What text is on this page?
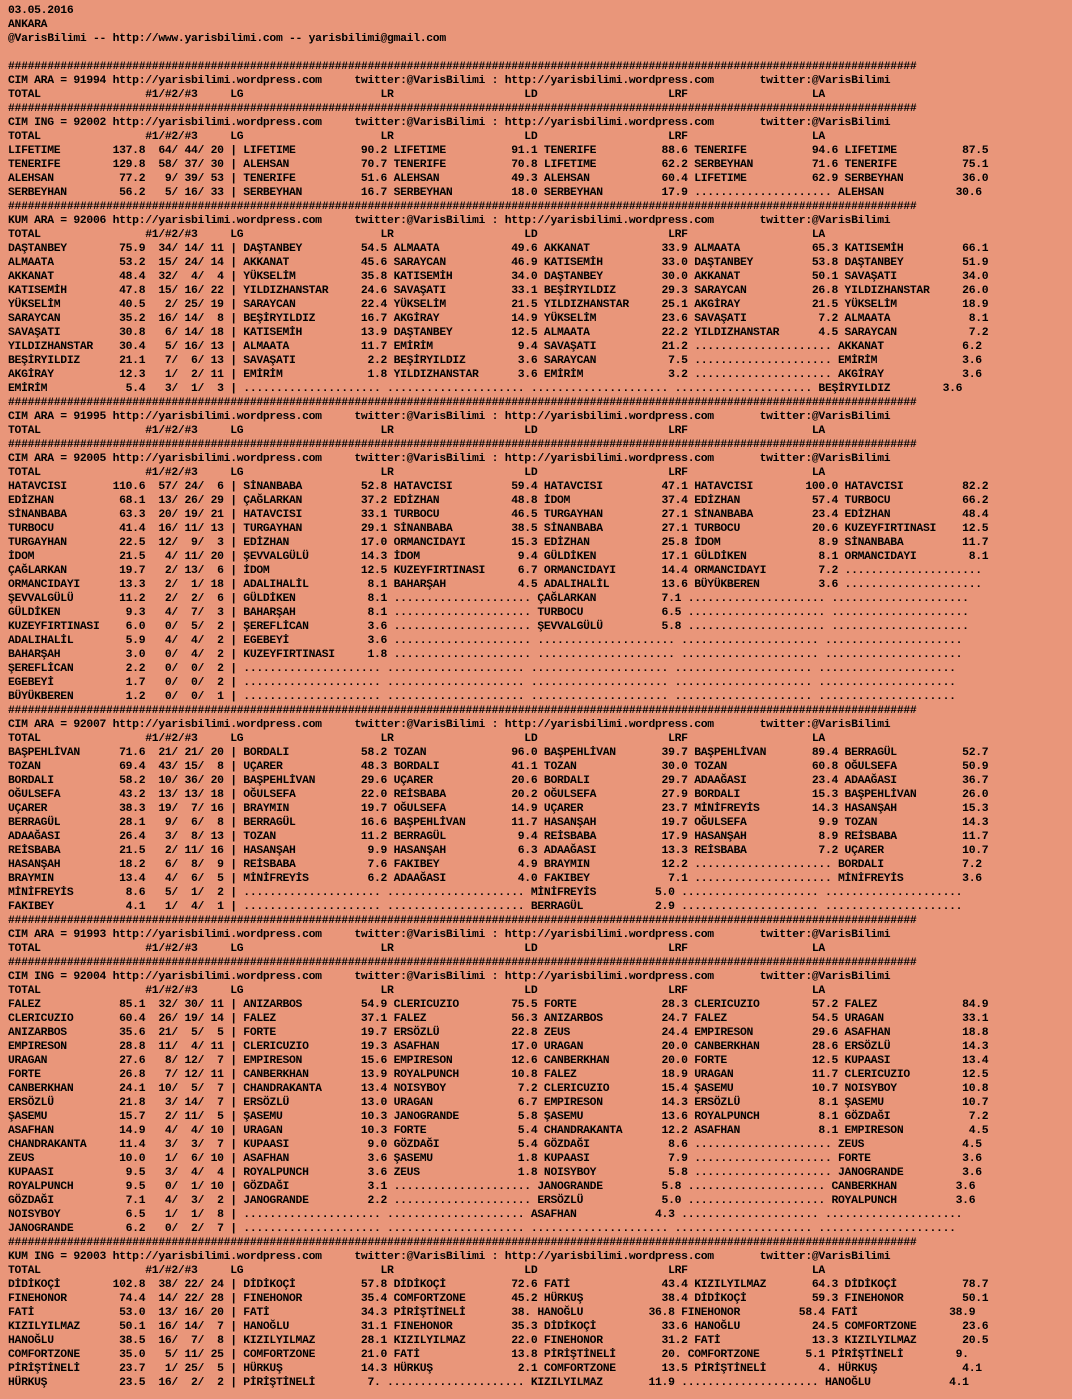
03.05.2016
ANKARA
@VarisBilimi -- http://www.yarisbilimi.com -- yarisbilimi@gmail.com

###########################################################################################################################################
CIM ARA = 91994 http://yarisbilimi.wordpress.com     twitter:@VarisBilimi : http://yarisbilimi.wordpress.com       twitter:@VarisBilimi
TOTAL                #1/#2/#3     LG                     LR                    LD                    LRF                   LA
###########################################################################################################################################
CIM ING = 92002 http://yarisbilimi.wordpress.com     twitter:@VarisBilimi : http://yarisbilimi.wordpress.com       twitter:@VarisBilimi
TOTAL                #1/#2/#3     LG                     LR                    LD                    LRF                   LA
LIFETIME        137.8  64/ 44/ 20 | LIFETIME          90.2 LIFETIME          91.1 TENERIFE          88.6 TENERIFE          94.6 LIFETIME          87.5
TENERIFE        129.8  58/ 37/ 30 | ALEHSAN           70.7 TENERIFE          70.8 LIFETIME          62.2 SERBEYHAN         71.6 TENERIFE          75.1
ALEHSAN          77.2   9/ 39/ 53 | TENERIFE          51.6 ALEHSAN           49.3 ALEHSAN           60.4 LIFETIME          62.9 SERBEYHAN         36.0
SERBEYHAN        56.2   5/ 16/ 33 | SERBEYHAN         16.7 SERBEYHAN         18.0 SERBEYHAN         17.9 ..................... ALEHSAN           30.6
###########################################################################################################################################
KUM ARA = 92006 http://yarisbilimi.wordpress.com     twitter:@VarisBilimi : http://yarisbilimi.wordpress.com       twitter:@VarisBilimi
TOTAL                #1/#2/#3     LG                     LR                    LD                    LRF                   LA
DAŞTANBEY        75.9  34/ 14/ 11 | DAŞTANBEY         54.5 ALMAATA           49.6 AKKANAT           33.9 ALMAATA           65.3 KATISEMİH         66.1
ALMAATA          53.2  15/ 24/ 14 | AKKANAT           45.6 SARAYCAN          46.9 KATISEMİH         33.0 DAŞTANBEY         53.8 DAŞTANBEY         51.9
AKKANAT          48.4  32/  4/  4 | YÜKSELİM          35.8 KATISEMİH         34.0 DAŞTANBEY         30.0 AKKANAT           50.1 SAVAŞATI          34.0
KATISEMİH        47.8  15/ 16/ 22 | YILDIZHANSTAR     24.6 SAVAŞATI          33.1 BEŞİRYILDIZ       29.3 SARAYCAN          26.8 YILDIZHANSTAR     26.0
YÜKSELİM         40.5   2/ 25/ 19 | SARAYCAN          22.4 YÜKSELİM          21.5 YILDIZHANSTAR     25.1 AKGİRAY           21.5 YÜKSELİM          18.9
SARAYCAN         35.2  16/ 14/  8 | BEŞİRYILDIZ       16.7 AKGİRAY           14.9 YÜKSELİM          23.6 SAVAŞATI           7.2 ALMAATA            8.1
SAVAŞATI         30.8   6/ 14/ 18 | KATISEMİH         13.9 DAŞTANBEY         12.5 ALMAATA           22.2 YILDIZHANSTAR      4.5 SARAYCAN           7.2
YILDIZHANSTAR    30.4   5/ 16/ 13 | ALMAATA           11.7 EMİRİM             9.4 SAVAŞATI          21.2 ..................... AKKANAT            6.2
BEŞİRYILDIZ      21.1   7/  6/ 13 | SAVAŞATI           2.2 BEŞİRYILDIZ        3.6 SARAYCAN           7.5 ..................... EMİRİM             3.6
AKGİRAY          12.3   1/  2/ 11 | EMİRİM             1.8 YILDIZHANSTAR      3.6 EMİRİM             3.2 ..................... AKGİRAY            3.6
EMİRİM            5.4   3/  1/  3 | ..................... ..................... ..................... ..................... BEŞİRYILDIZ        3.6
###########################################################################################################################################
CIM ARA = 91995 http://yarisbilimi.wordpress.com     twitter:@VarisBilimi : http://yarisbilimi.wordpress.com       twitter:@VarisBilimi
TOTAL                #1/#2/#3     LG                     LR                    LD                    LRF                   LA
###########################################################################################################################################
CIM ARA = 92005 http://yarisbilimi.wordpress.com     twitter:@VarisBilimi : http://yarisbilimi.wordpress.com       twitter:@VarisBilimi
TOTAL                #1/#2/#3     LG                     LR                    LD                    LRF                   LA
HATAVCISI       110.6  57/ 24/  6 | SİNANBABA         52.8 HATAVCISI         59.4 HATAVCISI         47.1 HATAVCISI        100.0 HATAVCISI         82.2
EDİZHAN          68.1  13/ 26/ 29 | ÇAĞLARKAN         37.2 EDİZHAN           48.8 İDOM              37.4 EDİZHAN           57.4 TURBOCU           66.2
SİNANBABA        63.3  20/ 19/ 21 | HATAVCISI         33.1 TURBOCU           46.5 TURGAYHAN         27.1 SİNANBABA         23.4 EDİZHAN           48.4
TURBOCU          41.4  16/ 11/ 13 | TURGAYHAN         29.1 SİNANBABA         38.5 SİNANBABA         27.1 TURBOCU           20.6 KUZEYFIRTINASI    12.5
TURGAYHAN        22.5  12/  9/  3 | EDİZHAN           17.0 ORMANCIDAYI       15.3 EDİZHAN           25.8 İDOM               8.9 SİNANBABA         11.7
İDOM             21.5   4/ 11/ 20 | ŞEVVALGÜLÜ        14.3 İDOM               9.4 GÜLDİKEN          17.1 GÜLDİKEN           8.1 ORMANCIDAYI        8.1
ÇAĞLARKAN        19.7   2/ 13/  6 | İDOM              12.5 KUZEYFIRTINASI     6.7 ORMANCIDAYI       14.4 ORMANCIDAYI        7.2 .....................
ORMANCIDAYI      13.3   2/  1/ 18 | ADALIHALİL         8.1 BAHARŞAH           4.5 ADALIHALİL        13.6 BÜYÜKBEREN         3.6 .....................
ŞEVVALGÜLÜ       11.2   2/  2/  6 | GÜLDİKEN           8.1 ..................... ÇAĞLARKAN          7.1 ..................... .....................
GÜLDİKEN          9.3   4/  7/  3 | BAHARŞAH           8.1 ..................... TURBOCU            6.5 ..................... .....................
KUZEYFIRTINASI    6.0   0/  5/  2 | ŞEREFLİCAN         3.6 ..................... ŞEVVALGÜLÜ         5.8 ..................... .....................
ADALIHALİL        5.9   4/  4/  2 | EGEBEYİ            3.6 ..................... ..................... ..................... .....................
BAHARŞAH          3.0   0/  4/  2 | KUZEYFIRTINASI     1.8 ..................... ..................... ..................... .....................
ŞEREFLİCAN        2.2   0/  0/  2 | ..................... ..................... ..................... ..................... .....................
EGEBEYİ           1.7   0/  0/  2 | ..................... ..................... ..................... ..................... .....................
BÜYÜKBEREN        1.2   0/  0/  1 | ..................... ..................... ..................... ..................... .....................
###########################################################################################################################################
CIM ARA = 92007 http://yarisbilimi.wordpress.com     twitter:@VarisBilimi : http://yarisbilimi.wordpress.com       twitter:@VarisBilimi
TOTAL                #1/#2/#3     LG                     LR                    LD                    LRF                   LA
BAŞPEHLİVAN      71.6  21/ 21/ 20 | BORDALI           58.2 TOZAN             96.0 BAŞPEHLİVAN       39.7 BAŞPEHLİVAN       89.4 BERRAGÜL          52.7
TOZAN            69.4  43/ 15/  8 | UÇARER            48.3 BORDALI           41.1 TOZAN             30.0 TOZAN             60.8 OĞULSEFA          50.9
BORDALI          58.2  10/ 36/ 20 | BAŞPEHLİVAN       29.6 UÇARER            20.6 BORDALI           29.7 ADAAĞASI          23.4 ADAAĞASI          36.7
OĞULSEFA         43.2  13/ 13/ 18 | OĞULSEFA          22.0 REİSBABA          20.2 OĞULSEFA          27.9 BORDALI           15.3 BAŞPEHLİVAN       26.0
UÇARER           38.3  19/  7/ 16 | BRAYMIN           19.7 OĞULSEFA          14.9 UÇARER            23.7 MİNİFREYİS        14.3 HASANŞAH          15.3
BERRAGÜL         28.1   9/  6/  8 | BERRAGÜL          16.6 BAŞPEHLİVAN       11.7 HASANŞAH          19.7 OĞULSEFA           9.9 TOZAN             14.3
ADAAĞASI         26.4   3/  8/ 13 | TOZAN             11.2 BERRAGÜL           9.4 REİSBABA          17.9 HASANŞAH           8.9 REİSBABA          11.7
REİSBABA         21.5   2/ 11/ 16 | HASANŞAH           9.9 HASANŞAH           6.3 ADAAĞASI          13.3 REİSBABA           7.2 UÇARER            10.7
HASANŞAH         18.2   6/  8/  9 | REİSBABA           7.6 FAKIBEY            4.9 BRAYMIN           12.2 ..................... BORDALI            7.2
BRAYMIN          13.4   4/  6/  5 | MİNİFREYİS         6.2 ADAAĞASI           4.0 FAKIBEY            7.1 ..................... MİNİFREYİS         3.6
MİNİFREYİS        8.6   5/  1/  2 | ..................... ..................... MİNİFREYİS         5.0 ..................... .....................
FAKIBEY           4.1   1/  4/  1 | ..................... ..................... BERRAGÜL           2.9 ..................... .....................
###########################################################################################################################################
CIM ARA = 91993 http://yarisbilimi.wordpress.com     twitter:@VarisBilimi : http://yarisbilimi.wordpress.com       twitter:@VarisBilimi
TOTAL                #1/#2/#3     LG                     LR                    LD                    LRF                   LA
###########################################################################################################################################
CIM ING = 92004 http://yarisbilimi.wordpress.com     twitter:@VarisBilimi : http://yarisbilimi.wordpress.com       twitter:@VarisBilimi
TOTAL                #1/#2/#3     LG                     LR                    LD                    LRF                   LA
FALEZ            85.1  32/ 30/ 11 | ANIZARBOS         54.9 CLERICUZIO        75.5 FORTE             28.3 CLERICUZIO        57.2 FALEZ             84.9
CLERICUZIO       60.4  26/ 19/ 14 | FALEZ             37.1 FALEZ             56.3 ANIZARBOS         24.7 FALEZ             54.5 URAGAN            33.1
ANIZARBOS        35.6  21/  5/  5 | FORTE             19.7 ERSÖZLÜ           22.8 ZEUS              24.4 EMPIRESON         29.6 ASAFHAN           18.8
EMPIRESON        28.8  11/  4/ 11 | CLERICUZIO        19.3 ASAFHAN           17.0 URAGAN            20.0 CANBERKHAN        28.6 ERSÖZLÜ           14.3
URAGAN           27.6   8/ 12/  7 | EMPIRESON         15.6 EMPIRESON         12.6 CANBERKHAN        20.0 FORTE             12.5 KUPAASI           13.4
FORTE            26.8   7/ 12/ 11 | CANBERKHAN        13.9 ROYALPUNCH        10.8 FALEZ             18.9 URAGAN            11.7 CLERICUZIO        12.5
CANBERKHAN       24.1  10/  5/  7 | CHANDRAKANTA      13.4 NOISYBOY           7.2 CLERICUZIO        15.4 ŞASEMU            10.7 NOISYBOY          10.8
ERSÖZLÜ          21.8   3/ 14/  7 | ERSÖZLÜ           13.0 URAGAN             6.7 EMPIRESON         14.3 ERSÖZLÜ            8.1 ŞASEMU            10.7
ŞASEMU           15.7   2/ 11/  5 | ŞASEMU            10.3 JANOGRANDE         5.8 ŞASEMU            13.6 ROYALPUNCH         8.1 GÖZDAĞI            7.2
ASAFHAN          14.9   4/  4/ 10 | URAGAN            10.3 FORTE              5.4 CHANDRAKANTA      12.2 ASAFHAN            8.1 EMPIRESON          4.5
CHANDRAKANTA     11.4   3/  3/  7 | KUPAASI            9.0 GÖZDAĞI            5.4 GÖZDAĞI            8.6 ..................... ZEUS               4.5
ZEUS             10.0   1/  6/ 10 | ASAFHAN            3.6 ŞASEMU             1.8 KUPAASI            7.9 ..................... FORTE              3.6
KUPAASI           9.5   3/  4/  4 | ROYALPUNCH         3.6 ZEUS               1.8 NOISYBOY           5.8 ..................... JANOGRANDE         3.6
ROYALPUNCH        9.5   0/  1/ 10 | GÖZDAĞI            3.1 ..................... JANOGRANDE         5.8 ..................... CANBERKHAN         3.6
GÖZDAĞI           7.1   4/  3/  2 | JANOGRANDE         2.2 ..................... ERSÖZLÜ            5.0 ..................... ROYALPUNCH         3.6
NOISYBOY          6.5   1/  1/  8 | ..................... ..................... ASAFHAN            4.3 ..................... .....................
JANOGRANDE        6.2   0/  2/  7 | ..................... ..................... ..................... ..................... .....................
###########################################################################################################################################
KUM ING = 92003 http://yarisbilimi.wordpress.com     twitter:@VarisBilimi : http://yarisbilimi.wordpress.com       twitter:@VarisBilimi
TOTAL                #1/#2/#3     LG                     LR                    LD                    LRF                   LA
DİDİKOÇİ        102.8  38/ 22/ 24 | DİDİKOÇİ          57.8 DİDİKOÇİ          72.6 FATİ              43.4 KIZILYILMAZ       64.3 DİDİKOÇİ          78.7
FINEHONOR        74.4  14/ 22/ 28 | FINEHONOR         35.4 COMFORTZONE       45.2 HÜRKUŞ            38.4 DİDİKOÇİ          59.3 FINEHONOR         50.1
FATİ             53.0  13/ 16/ 20 | FATİ              34.3 PİRİŞTİNELİ       38. HANOĞLU          36.8 FINEHONOR         58.4 FATİ              38.9
KIZILYILMAZ      50.1  16/ 14/  7 | HANOĞLU           31.1 FINEHONOR         35.3 DİDİKOÇİ          33.6 HANOĞLU           24.5 COMFORTZONE       23.6
HANOĞLU          38.5  16/  7/  8 | KIZILYILMAZ       28.1 KIZILYILMAZ       22.0 FINEHONOR         31.2 FATİ              13.3 KIZILYILMAZ       20.5
COMFORTZONE      35.0   5/ 11/ 25 | COMFORTZONE       21.0 FATİ              13.8 PİRİŞTİNELİ       20. COMFORTZONE       5.1 PİRİŞTİNELİ        9.
PİRİŞTİNELİ      23.7   1/ 25/  5 | HÜRKUŞ            14.3 HÜRKUŞ             2.1 COMFORTZONE       13.5 PİRİŞTİNELİ        4. HÜRKUŞ             4.1
HÜRKUŞ           23.5  16/  2/  2 | PİRİŞTİNELİ        7. ..................... KIZILYILMAZ       11.9 ..................... HANOĞLU            4.1
